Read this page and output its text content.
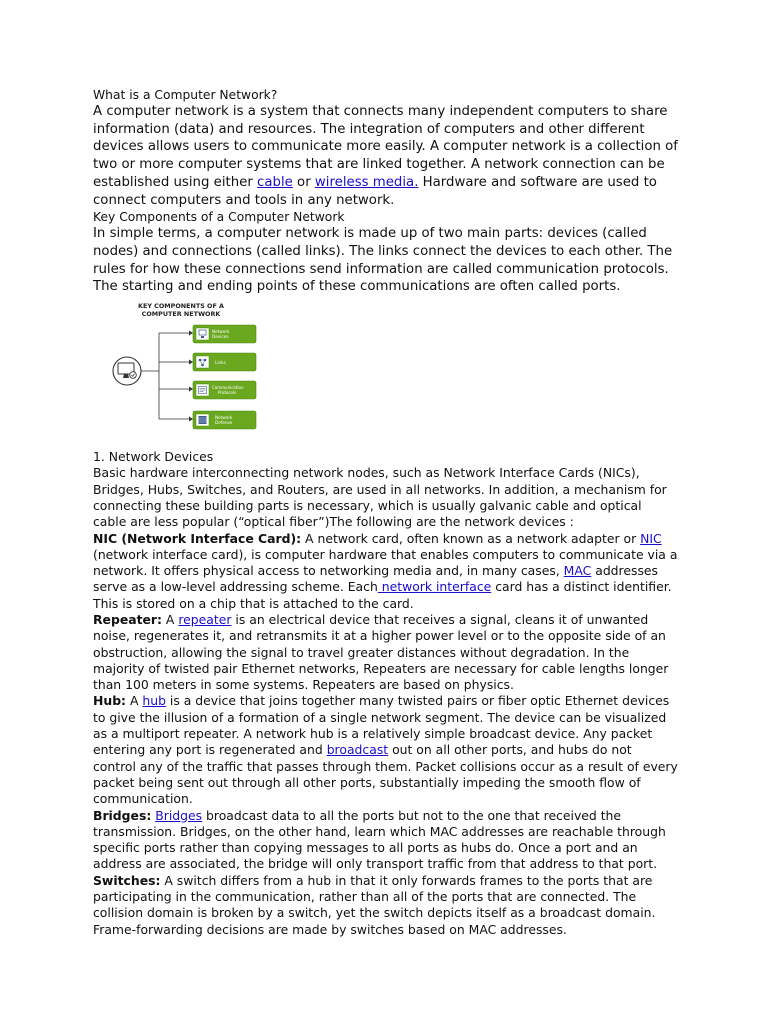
What is a Computer Network?

A computer network is a system that connects many independent computers to share information (data) and resources. The integration of computers and other different devices allows users to communicate more easily. A computer network is a collection of two or more computer systems that are linked together. A network connection can be established using either cable or wireless media. Hardware and software are used to connect computers and tools in any network.

Key Components of a Computer Network

In simple terms, a computer network is made up of two main parts: devices (called nodes) and connections (called links). The links connect the devices to each other. The rules for how these connections send information are called communication protocols. The starting and ending points of these communications are often called ports.

KEY COMPONENTS OF A
COMPUTER NETWORK
Network
Devices
Links
Communication
Protocols
Network
Defense

1. Network Devices

Basic hardware interconnecting network nodes, such as Network Interface Cards (NICs), Bridges, Hubs, Switches, and Routers, are used in all networks. In addition, a mechanism for connecting these building parts is necessary, which is usually galvanic cable and optical cable are less popular (“optical fiber”)The following are the network devices :

NIC (Network Interface Card): A network card, often known as a network adapter or NIC (network interface card), is computer hardware that enables computers to communicate via a network. It offers physical access to networking media and, in many cases, MAC addresses serve as a low-level addressing scheme. Each network interface card has a distinct identifier. This is stored on a chip that is attached to the card.

Repeater: A repeater is an electrical device that receives a signal, cleans it of unwanted noise, regenerates it, and retransmits it at a higher power level or to the opposite side of an obstruction, allowing the signal to travel greater distances without degradation. In the majority of twisted pair Ethernet networks, Repeaters are necessary for cable lengths longer than 100 meters in some systems. Repeaters are based on physics.

Hub: A hub is a device that joins together many twisted pairs or fiber optic Ethernet devices to give the illusion of a formation of a single network segment. The device can be visualized as a multiport repeater. A network hub is a relatively simple broadcast device. Any packet entering any port is regenerated and broadcast out on all other ports, and hubs do not control any of the traffic that passes through them. Packet collisions occur as a result of every packet being sent out through all other ports, substantially impeding the smooth flow of communication.

Bridges: Bridges broadcast data to all the ports but not to the one that received the transmission. Bridges, on the other hand, learn which MAC addresses are reachable through specific ports rather than copying messages to all ports as hubs do. Once a port and an address are associated, the bridge will only transport traffic from that address to that port.

Switches: A switch differs from a hub in that it only forwards frames to the ports that are participating in the communication, rather than all of the ports that are connected. The collision domain is broken by a switch, yet the switch depicts itself as a broadcast domain. Frame-forwarding decisions are made by switches based on MAC addresses.
